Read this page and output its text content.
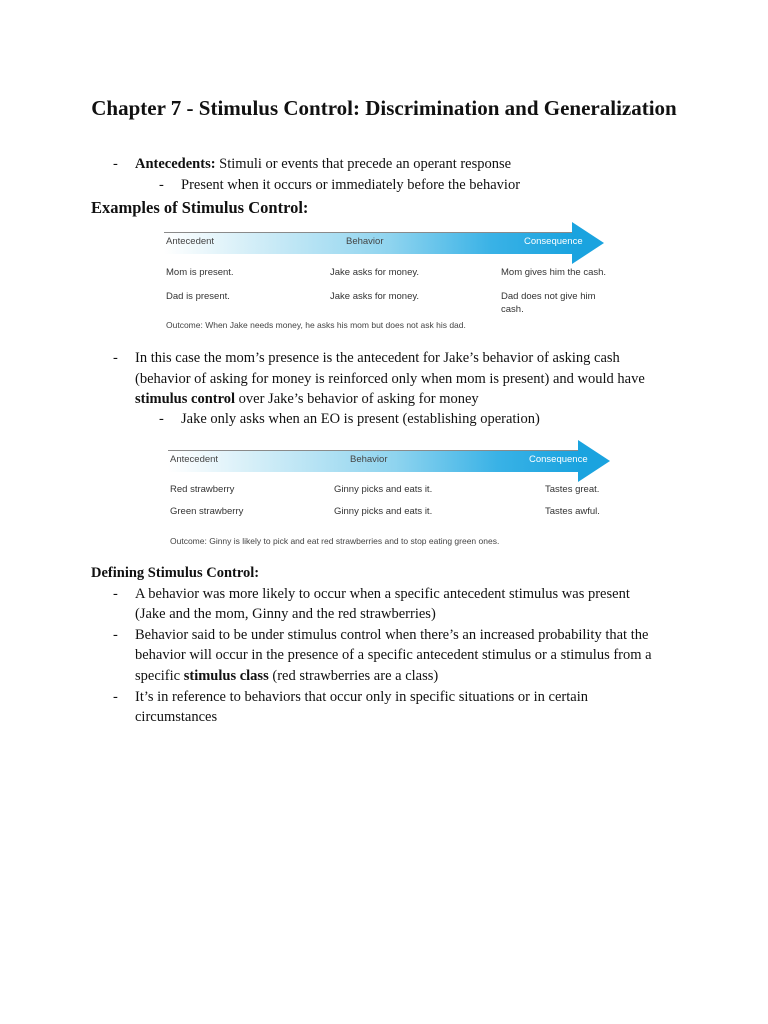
Chapter 7 - Stimulus Control: Discrimination and Generalization
- Antecedents: Stimuli or events that precede an operant response
- Present when it occurs or immediately before the behavior
Examples of Stimulus Control:
Antecedent	Behavior	Consequence
Mom is present.	Jake asks for money.	Mom gives him the cash.
Dad is present.	Jake asks for money.	Dad does not give him cash.
Outcome: When Jake needs money, he asks his mom but does not ask his dad.
- In this case the mom’s presence is the antecedent for Jake’s behavior of asking cash
(behavior of asking for money is reinforced only when mom is present) and would have
stimulus control over Jake’s behavior of asking for money
- Jake only asks when an EO is present (establishing operation)
Antecedent	Behavior	Consequence
Red strawberry	Ginny picks and eats it.	Tastes great.
Green strawberry	Ginny picks and eats it.	Tastes awful.
Outcome: Ginny is likely to pick and eat red strawberries and to stop eating green ones.
Defining Stimulus Control:
- A behavior was more likely to occur when a specific antecedent stimulus was present
(Jake and the mom, Ginny and the red strawberries)
- Behavior said to be under stimulus control when there’s an increased probability that the
behavior will occur in the presence of a specific antecedent stimulus or a stimulus from a
specific stimulus class (red strawberries are a class)
- It’s in reference to behaviors that occur only in specific situations or in certain
circumstances
